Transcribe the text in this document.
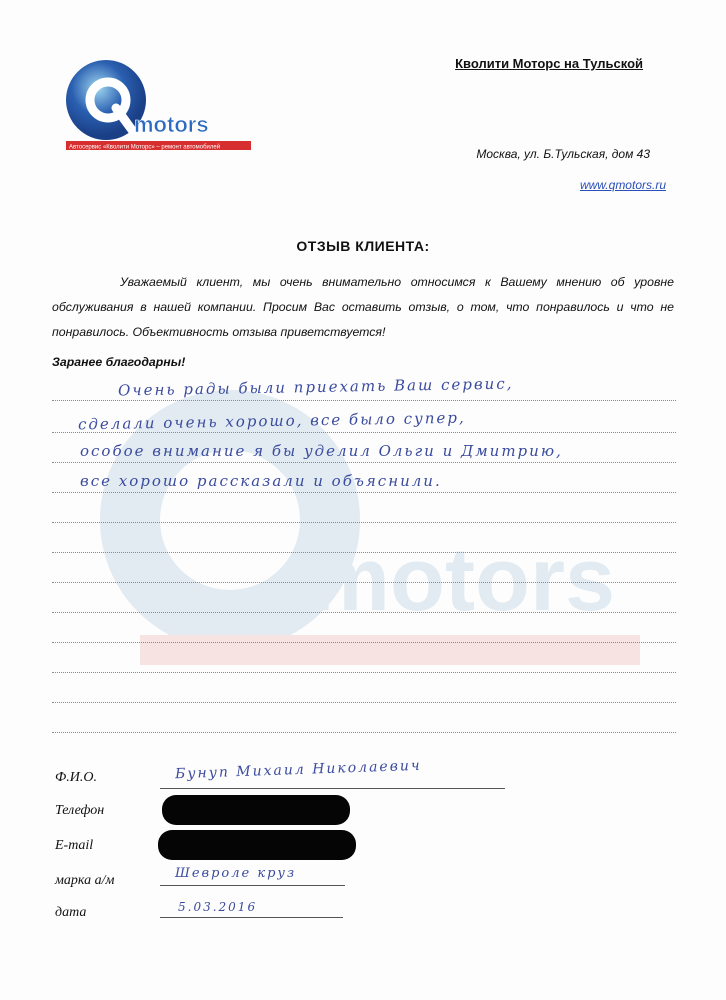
motors
motors
Автосервис «Кволити Моторс» – ремонт автомобилей
Кволити Моторс на Тульской
Москва, ул. Б.Тульская, дом 43
www.qmotors.ru
ОТЗЫВ КЛИЕНТА:
Уважаемый клиент, мы очень внимательно относимся к Вашему мнению об уровне обслуживания в нашей компании. Просим Вас оставить отзыв, о том, что понравилось и что не понравилось. Объективность отзыва приветствуется!
Заранее благодарны!
Очень рады были приехать Ваш сервис,
сделали очень хорошо, все было супер,
особое внимание я бы уделил Ольги и Дмитрию,
все хорошо рассказали и объяснили.
Ф.И.О.	Бунуп Михаил Николаевич
Телефон
E-mail
марка а/м	Шевроле круз
дата	5.03.2016
